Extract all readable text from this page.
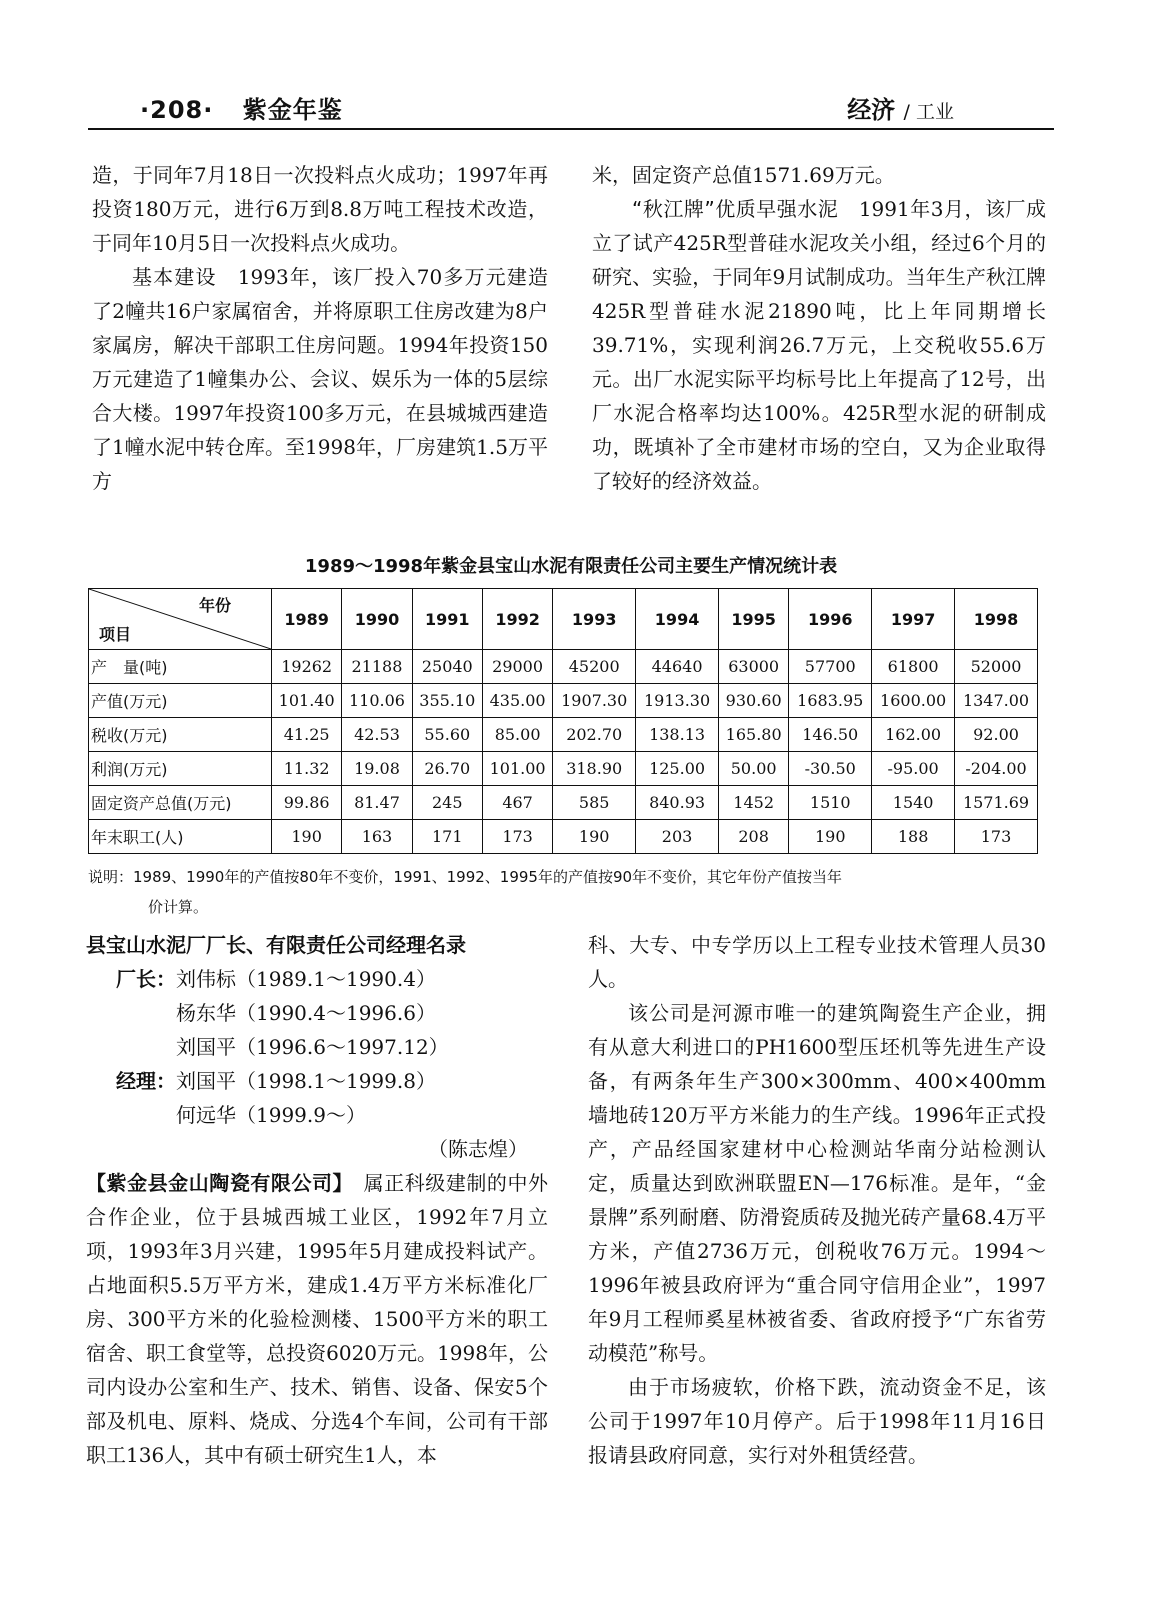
·208· 紫金年鉴	经济 / 工业

造，于同年7月18日一次投料点火成功；1997年再投资180万元，进行6万到8.8万吨工程技术改造，于同年10月5日一次投料点火成功。

基本建设　 1993年，该厂投入70多万元建造了2幢共16户家属宿舍，并将原职工住房改建为8户家属房，解决干部职工住房问题。1994年投资150万元建造了1幢集办公、会议、娱乐为一体的5层综合大楼。1997年投资100多万元，在县城城西建造了1幢水泥中转仓库。至1998年，厂房建筑1.5万平方

米，固定资产总值1571.69万元。

“秋江牌”优质早强水泥　 1991年3月，该厂成立了试产425R型普硅水泥攻关小组，经过6个月的研究、实验，于同年9月试制成功。当年生产秋江牌425R型普硅水泥21890吨，比上年同期增长39.71%，实现利润26.7万元，上交税收55.6万元。出厂水泥实际平均标号比上年提高了12号，出厂水泥合格率均达100%。425R型水泥的研制成功，既填补了全市建材市场的空白，又为企业取得了较好的经济效益。

1989～1998年紫金县宝山水泥有限责任公司主要生产情况统计表
年份
项目	1989	1990	1991	1992	1993	1994	1995	1996	1997	1998
产　量(吨)	19262	21188	25040	29000	45200	44640	63000	57700	61800	52000
产值(万元)	101.40	110.06	355.10	435.00	1907.30	1913.30	930.60	1683.95	1600.00	1347.00
税收(万元)	41.25	42.53	55.60	85.00	202.70	138.13	165.80	146.50	162.00	92.00
利润(万元)	11.32	19.08	26.70	101.00	318.90	125.00	50.00	-30.50	-95.00	-204.00
固定资产总值(万元)	99.86	81.47	245	467	585	840.93	1452	1510	1540	1571.69
年末职工(人)	190	163	171	173	190	203	208	190	188	173
说明：1989、1990年的产值按80年不变价，1991、1992、1995年的产值按90年不变价，其它年份产值按当年
价计算。
县宝山水泥厂厂长、有限责任公司经理名录
厂长： 刘伟标（1989.1～1990.4）
杨东华（1990.4～1996.6）
刘国平（1996.6～1997.12）
经理： 刘国平（1998.1～1999.8）
何远华（1999.9～）
（陈志煌）

【紫金县金山陶瓷有限公司】　 属正科级建制的中外合作企业，位于县城西城工业区，1992年7月立项，1993年3月兴建，1995年5月建成投料试产。占地面积5.5万平方米，建成1.4万平方米标准化厂房、300平方米的化验检测楼、1500平方米的职工宿舍、职工食堂等，总投资6020万元。1998年，公司内设办公室和生产、技术、销售、设备、保安5个部及机电、原料、烧成、分选4个车间，公司有干部职工136人，其中有硕士研究生1人，本

科、大专、中专学历以上工程专业技术管理人员30人。

该公司是河源市唯一的建筑陶瓷生产企业，拥有从意大利进口的PH1600型压坯机等先进生产设备，有两条年生产300×300mm、400×400mm墙地砖120万平方米能力的生产线。1996年正式投产，产品经国家建材中心检测站华南分站检测认定，质量达到欧洲联盟EN—176标准。是年，“金景牌”系列耐磨、防滑瓷质砖及抛光砖产量68.4万平方米，产值2736万元，创税收76万元。1994～1996年被县政府评为“重合同守信用企业”，1997年9月工程师奚星林被省委、省政府授予“广东省劳动模范”称号。

由于市场疲软，价格下跌，流动资金不足，该公司于1997年10月停产。后于1998年11月16日报请县政府同意，实行对外租赁经营。
